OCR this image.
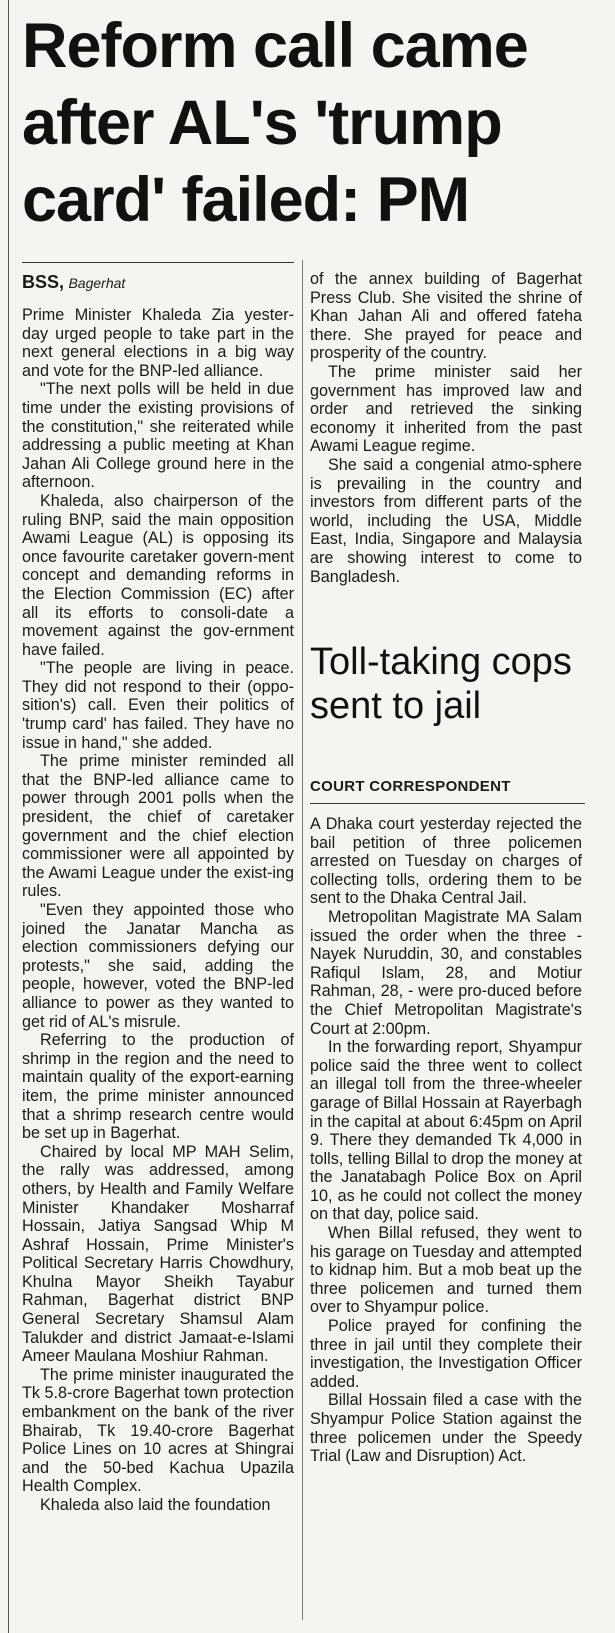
Reform call came after AL's 'trump card' failed: PM
BSS, Bagerhat

Prime Minister Khaleda Zia yester-day urged people to take part in the next general elections in a big way and vote for the BNP-led alliance.

"The next polls will be held in due time under the existing provisions of the constitution," she reiterated while addressing a public meeting at Khan Jahan Ali College ground here in the afternoon.

Khaleda, also chairperson of the ruling BNP, said the main opposition Awami League (AL) is opposing its once favourite caretaker govern-ment concept and demanding reforms in the Election Commission (EC) after all its efforts to consoli-date a movement against the gov-ernment have failed.

"The people are living in peace. They did not respond to their (oppo-sition's) call. Even their politics of 'trump card' has failed. They have no issue in hand," she added.

The prime minister reminded all that the BNP-led alliance came to power through 2001 polls when the president, the chief of caretaker government and the chief election commissioner were all appointed by the Awami League under the exist-ing rules.

"Even they appointed those who joined the Janatar Mancha as election commissioners defying our protests," she said, adding the people, however, voted the BNP-led alliance to power as they wanted to get rid of AL's misrule.

Referring to the production of shrimp in the region and the need to maintain quality of the export-earning item, the prime minister announced that a shrimp research centre would be set up in Bagerhat.

Chaired by local MP MAH Selim, the rally was addressed, among others, by Health and Family Welfare Minister Khandaker Mosharraf Hossain, Jatiya Sangsad Whip M Ashraf Hossain, Prime Minister's Political Secretary Harris Chowdhury, Khulna Mayor Sheikh Tayabur Rahman, Bagerhat district BNP General Secretary Shamsul Alam Talukder and district Jamaat-e-Islami Ameer Maulana Moshiur Rahman.

The prime minister inaugurated the Tk 5.8-crore Bagerhat town protection embankment on the bank of the river Bhairab, Tk 19.40-crore Bagerhat Police Lines on 10 acres at Shingrai and the 50-bed Kachua Upazila Health Complex.

Khaleda also laid the foundation

of the annex building of Bagerhat Press Club. She visited the shrine of Khan Jahan Ali and offered fateha there. She prayed for peace and prosperity of the country.

The prime minister said her government has improved law and order and retrieved the sinking economy it inherited from the past Awami League regime.

She said a congenial atmo-sphere is prevailing in the country and investors from different parts of the world, including the USA, Middle East, India, Singapore and Malaysia are showing interest to come to Bangladesh.

Toll-taking cops sent to jail
COURT CORRESPONDENT

A Dhaka court yesterday rejected the bail petition of three policemen arrested on Tuesday on charges of collecting tolls, ordering them to be sent to the Dhaka Central Jail.

Metropolitan Magistrate MA Salam issued the order when the three - Nayek Nuruddin, 30, and constables Rafiqul Islam, 28, and Motiur Rahman, 28, - were pro-duced before the Chief Metropolitan Magistrate's Court at 2:00pm.

In the forwarding report, Shyampur police said the three went to collect an illegal toll from the three-wheeler garage of Billal Hossain at Rayerbagh in the capital at about 6:45pm on April 9. There they demanded Tk 4,000 in tolls, telling Billal to drop the money at the Janatabagh Police Box on April 10, as he could not collect the money on that day, police said.

When Billal refused, they went to his garage on Tuesday and attempted to kidnap him. But a mob beat up the three policemen and turned them over to Shyampur police.

Police prayed for confining the three in jail until they complete their investigation, the Investigation Officer added.

Billal Hossain filed a case with the Shyampur Police Station against the three policemen under the Speedy Trial (Law and Disruption) Act.
